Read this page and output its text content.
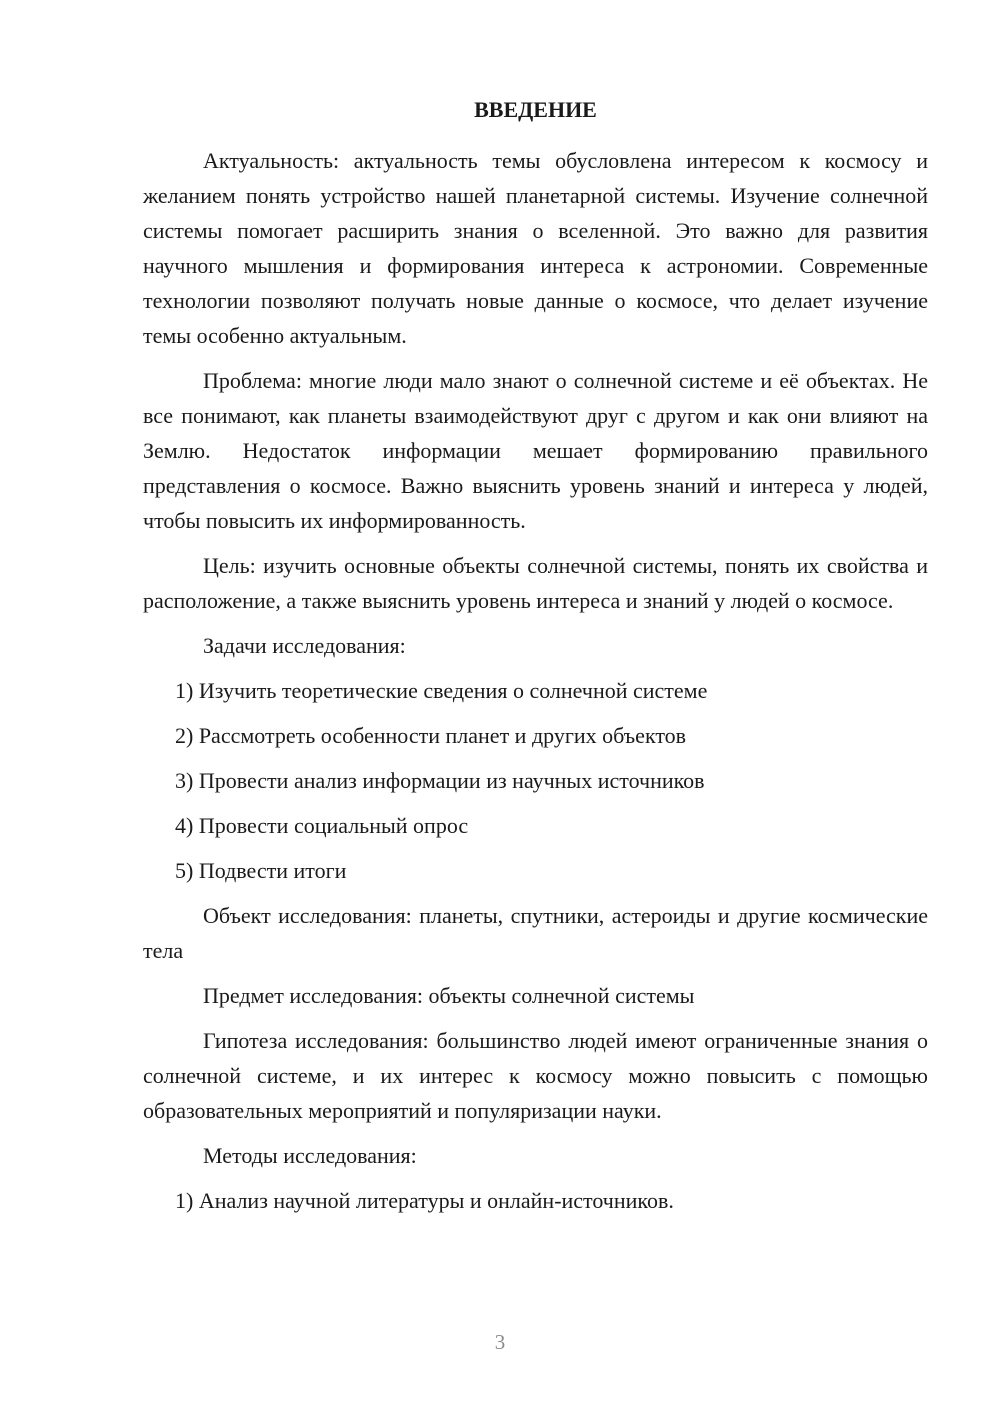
ВВЕДЕНИЕ
Актуальность: актуальность темы обусловлена интересом к космосу и желанием понять устройство нашей планетарной системы. Изучение солнечной системы помогает расширить знания о вселенной. Это важно для развития научного мышления и формирования интереса к астрономии. Современные технологии позволяют получать новые данные о космосе, что делает изучение темы особенно актуальным.
Проблема: многие люди мало знают о солнечной системе и её объектах. Не все понимают, как планеты взаимодействуют друг с другом и как они влияют на Землю. Недостаток информации мешает формированию правильного представления о космосе. Важно выяснить уровень знаний и интереса у людей, чтобы повысить их информированность.
Цель: изучить основные объекты солнечной системы, понять их свойства и расположение, а также выяснить уровень интереса и знаний у людей о космосе.
Задачи исследования:
1) Изучить теоретические сведения о солнечной системе
2) Рассмотреть особенности планет и других объектов
3) Провести анализ информации из научных источников
4) Провести социальный опрос
5) Подвести итоги
Объект исследования: планеты, спутники, астероиды и другие космические тела
Предмет исследования: объекты солнечной системы
Гипотеза исследования: большинство людей имеют ограниченные знания о солнечной системе, и их интерес к космосу можно повысить с помощью образовательных мероприятий и популяризации науки.
Методы исследования:
1) Анализ научной литературы и онлайн-источников.
3
